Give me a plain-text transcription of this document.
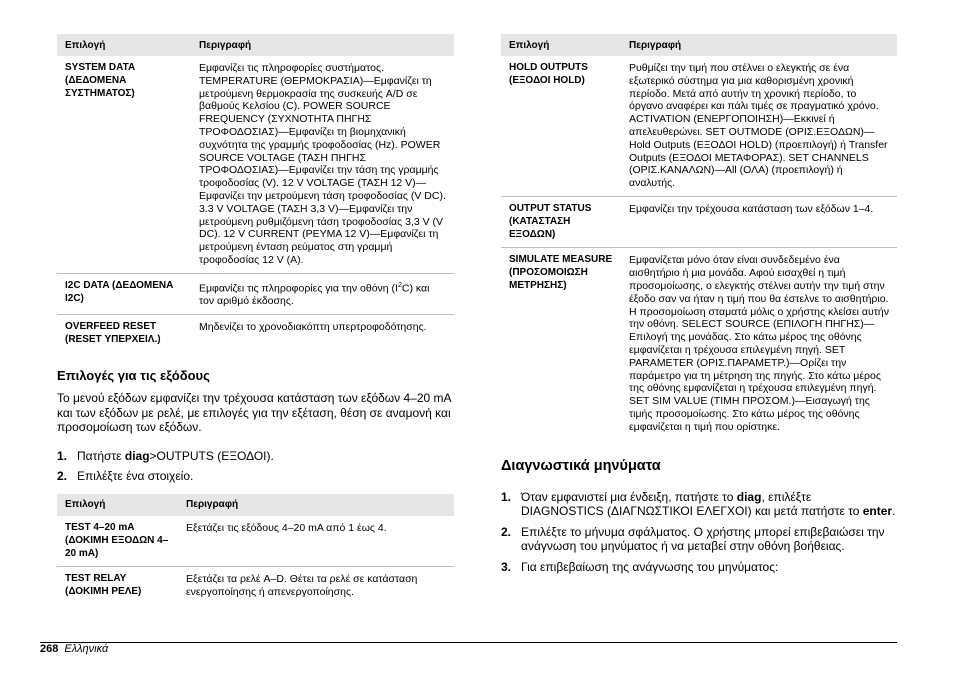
Επιλογή	Περιγραφή
SYSTEM DATA (ΔΕΔΟΜΕΝΑ ΣΥΣΤΗΜΑΤΟΣ)	Εμφανίζει τις πληροφορίες συστήματος. TEMPERATURE (ΘΕΡΜΟΚΡΑΣΙΑ)—Εμφανίζει τη μετρούμενη θερμοκρασία της συσκευής A/D σε βαθμούς Κελσίου (C). POWER SOURCE FREQUENCY (ΣΥΧΝΟΤΗΤΑ ΠΗΓΗΣ ΤΡΟΦΟΔΟΣΙΑΣ)—Εμφανίζει τη βιομηχανική συχνότητα της γραμμής τροφοδοσίας (Hz). POWER SOURCE VOLTAGE (ΤΑΣΗ ΠΗΓΗΣ ΤΡΟΦΟΔΟΣΙΑΣ)—Εμφανίζει την τάση της γραμμής τροφοδοσίας (V). 12 V VOLTAGE (ΤΑΣΗ 12 V)—Εμφανίζει την μετρούμενη τάση τροφοδοσίας (V DC). 3.3 V VOLTAGE (ΤΑΣΗ 3,3 V)—Εμφανίζει την μετρούμενη ρυθμιζόμενη τάση τροφοδοσίας 3,3 V (V DC). 12 V CURRENT (ΡΕΥΜΑ 12 V)—Εμφανίζει τη μετρούμενη ένταση ρεύματος στη γραμμή τροφοδοσίας 12 V (A).
I2C DATA (ΔΕΔΟΜΕΝΑ I2C)	Εμφανίζει τις πληροφορίες για την οθόνη $(I^2C)$ και τον αριθμό έκδοσης.
OVERFEED RESET (RESET ΥΠΕΡΧΕΙΛ.)	Μηδενίζει το χρονοδιακόπτη υπερτροφοδότησης.
Επιλογές για τις εξόδους

Το μενού εξόδων εμφανίζει την τρέχουσα κατάσταση των εξόδων 4–20 mA και των εξόδων με ρελέ, με επιλογές για την εξέταση, θέση σε αναμονή και προσομοίωση των εξόδων.

1. Πατήστε diag>OUTPUTS (ΕΞΟΔΟΙ).
2. Επιλέξτε ένα στοιχείο.
Επιλογή	Περιγραφή
TEST 4–20 mA (ΔΟΚΙΜΗ ΕΞΟΔΩΝ 4–20 mA)	Εξετάζει τις εξόδους 4–20 mA από 1 έως 4.
TEST RELAY (ΔΟΚΙΜΗ ΡΕΛΕ)	Εξετάζει τα ρελέ A–D. Θέτει τα ρελέ σε κατάσταση ενεργοποίησης ή απενεργοποίησης.
Επιλογή	Περιγραφή
HOLD OUTPUTS (ΕΞΟΔΟΙ HOLD)	Ρυθμίζει την τιμή που στέλνει ο ελεγκτής σε ένα εξωτερικό σύστημα για μια καθορισμένη χρονική περίοδο. Μετά από αυτήν τη χρονική περίοδο, το όργανο αναφέρει και πάλι τιμές σε πραγματικό χρόνο. ACTIVATION (ΕΝΕΡΓΟΠΟΙΗΣΗ)—Εκκινεί ή απελευθερώνει. SET OUTMODE (ΟΡΙΣ.ΕΞΟΔΩΝ)—Hold Outputs (ΕΞΟΔΟΙ HOLD) (προεπιλογή) ή Transfer Outputs (ΕΞΟΔΟΙ ΜΕΤΑΦΟΡΑΣ). SET CHANNELS (ΟΡΙΣ.ΚΑΝΑΛΩΝ)—All (ΟΛΑ) (προεπιλογή) ή αναλυτής.
OUTPUT STATUS (ΚΑΤΑΣΤΑΣΗ ΕΞΟΔΩΝ)	Εμφανίζει την τρέχουσα κατάσταση των εξόδων 1–4.
SIMULATE MEASURE (ΠΡΟΣΟΜΟΙΩΣΗ ΜΕΤΡΗΣΗΣ)	Εμφανίζεται μόνο όταν είναι συνδεδεμένο ένα αισθητήριο ή μια μονάδα. Αφού εισαχθεί η τιμή προσομοίωσης, ο ελεγκτής στέλνει αυτήν την τιμή στην έξοδο σαν να ήταν η τιμή που θα έστελνε το αισθητήριο. Η προσομοίωση σταματά μόλις ο χρήστης κλείσει αυτήν την οθόνη. SELECT SOURCE (ΕΠΙΛΟΓΗ ΠΗΓΗΣ)—Επιλογή της μονάδας. Στο κάτω μέρος της οθόνης εμφανίζεται η τρέχουσα επιλεγμένη πηγή. SET PARAMETER (ΟΡΙΣ.ΠΑΡΑΜΕΤΡ.)—Ορίζει την παράμετρο για τη μέτρηση της πηγής. Στο κάτω μέρος της οθόνης εμφανίζεται η τρέχουσα επιλεγμένη πηγή. SET SIM VALUE (ΤΙΜΗ ΠΡΟΣΟΜ.)—Εισαγωγή της τιμής προσομοίωσης. Στο κάτω μέρος της οθόνης εμφανίζεται η τιμή που ορίστηκε.
Διαγνωστικά μηνύματα
1. Όταν εμφανιστεί μια ένδειξη, πατήστε το diag, επιλέξτε DIAGNOSTICS (ΔΙΑΓΝΩΣΤΙΚΟΙ ΕΛΕΓΧΟΙ) και μετά πατήστε το enter.
2. Επιλέξτε το μήνυμα σφάλματος. Ο χρήστης μπορεί επιβεβαιώσει την ανάγνωση του μηνύματος ή να μεταβεί στην οθόνη βοήθειας.
3. Για επιβεβαίωση της ανάγνωσης του μηνύματος:
268 Ελληνικά
